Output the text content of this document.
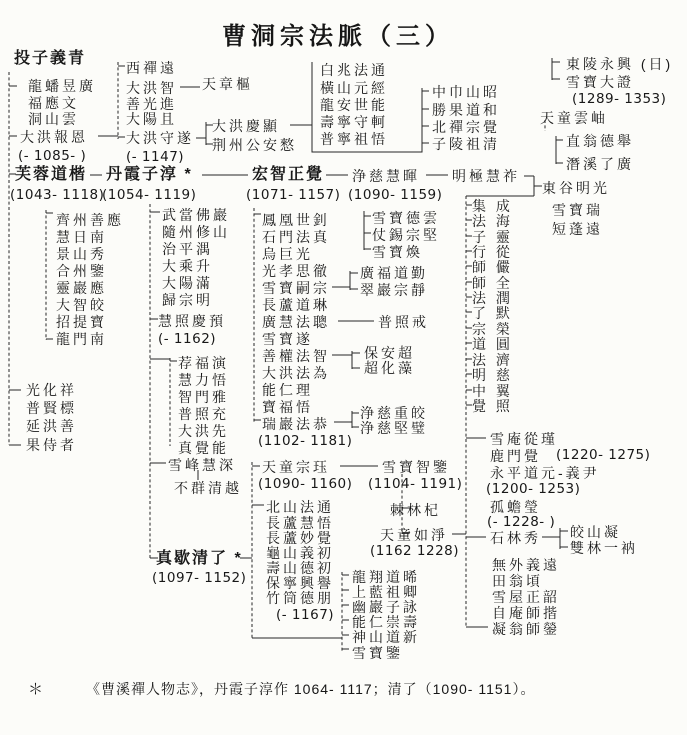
曹洞宗法脈（三）
投子義青
龍蟠昱廣
福應文
洞山雲
大洪報恩
(- 1085- )
芙蓉道楷
(1043- 1118)
光化祥
普賢標
延洪善
果侍者
西禪遠
大洪智 天章樞
善光進
大陽且
大洪守遂
(- 1147)
大洪慶顯
荆州公安憗
白兆法通
橫山元經
龍安世能
壽寧守軻
普寧祖悟
中巾山昭
勝果道和
北禪宗覺
子陵祖清
東陵永興 (日)
雪寶大證
(1289- 1353)
天童雲岫
直翁德舉
潛溪了廣
東谷明光
雪寶瑞
短蓬遠
丹霞子淳 *
(1054- 1119)
宏智正覺
(1071- 1157)
浄慈慧暉
(1090- 1159)
明極慧祚
武當佛巖
隨州修山
治平湡
大乘升
大陽滿
歸宗明
慧照慶預
(- 1162)
荐福演
慧力悟
智門雅
普照充
大洪先
真覺能
雪峰慧深
不群清越
真歇清了 *
(1097- 1152)
鳳凰世釗
石門法真
烏巨光
光孝思徹
雪寶嗣宗
長蘆道琳
廣慧法聰	普照戒
雪寶遂
善權法智 保安超
超化藻
大洪法為
能仁理
寶福悟
瑞巖法恭
浄慈重皎
浄慈堅璧
(1102- 1181)
雪寶德雲
仗錫宗堅
雪寶煥
廣福道勤
翠巖宗靜
集 成
法 海
子 靈
行 從
師 儼
師 全
法 潤
了 默
宗 榮
道 圓
法 濟
明 慈
中 翼
覺 照
雪庵從瑾
鹿門覺 (1220- 1275)
永平道元-義尹
(1200- 1253)
孤蟾瑩
(- 1228- )
石林秀 皎山凝
雙林一衲
無外義遠
田翁頃
雪屋正韶
自庵師揩
凝翁師鎣
天童宗珏	雪寶智鑒
(1090- 1160) (1104- 1191)
北山法通
長蘆慧悟
長蘆妙覺
龜山義初
壽山德初
保寧興譽
竹筒德朋
(- 1167)
棘林杞
天童如淨
(1162 1228)
龍翔道晞
上藍祖卿
幽巖子詠
能仁崇壽
神山道新
雪寶鑒
齊州善應
慧日南
景山秀
合州鑒
靈巖應
大智皎
招提寶
龍門南
＊	《曹溪禪人物志》，丹霞子淳作 1064- 1117；清了（1090- 1151）。
